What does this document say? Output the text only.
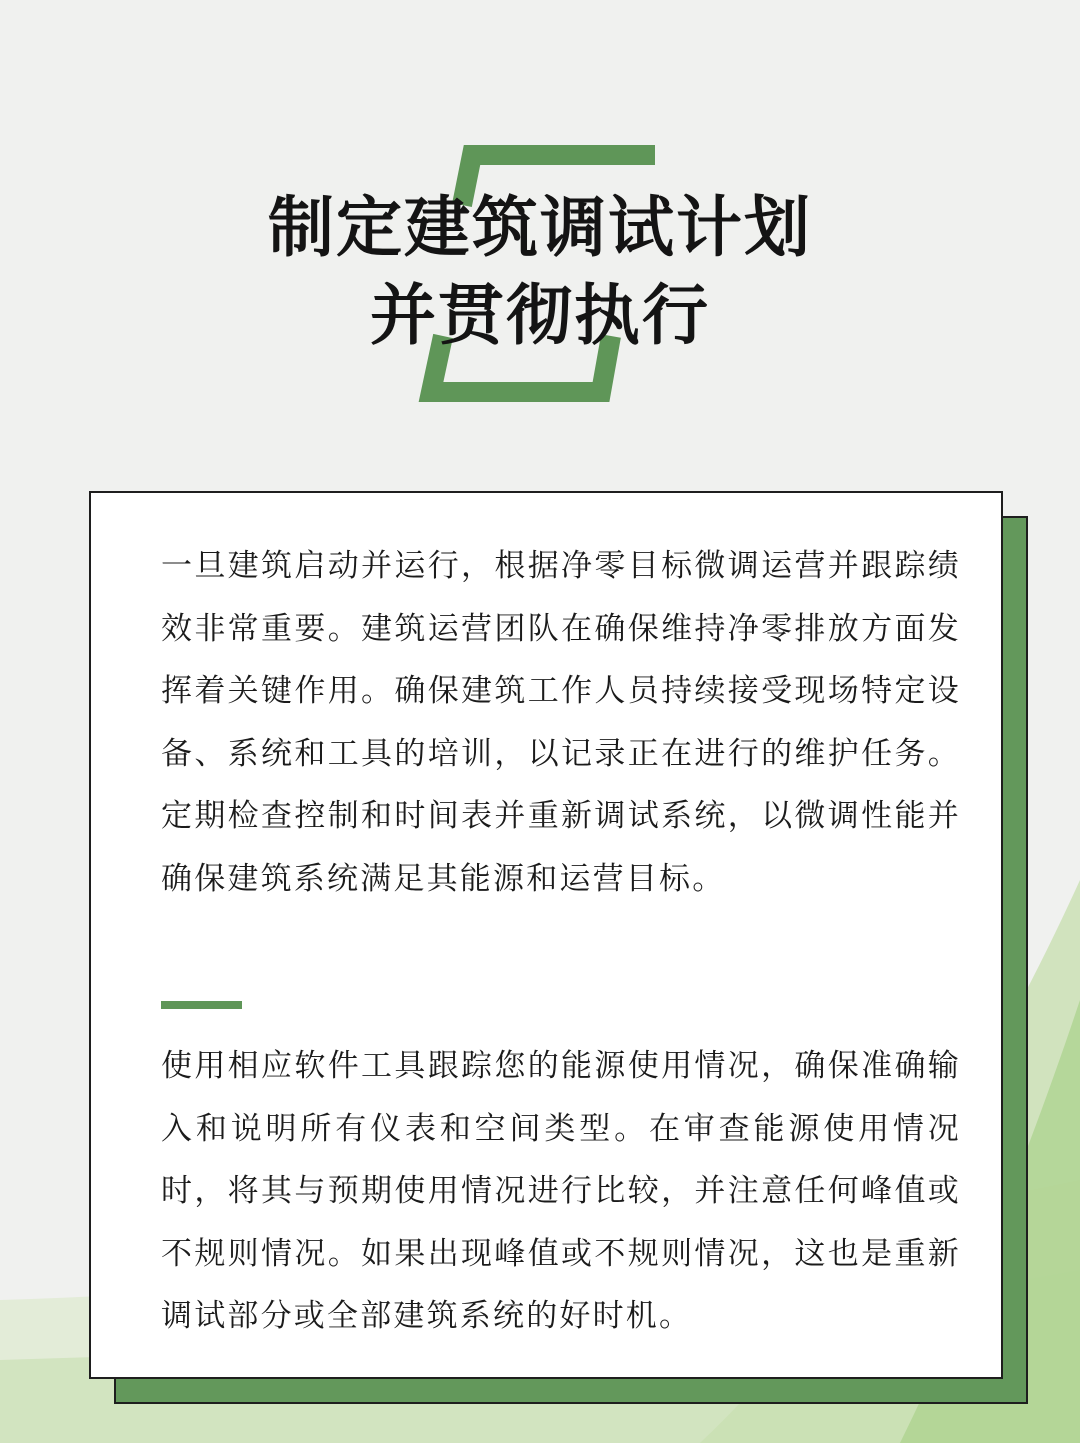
制定建筑调试计划
并贯彻执行

一旦建筑启动并运行，根据净零目标微调运营并跟踪绩效非常重要。建筑运营团队在确保维持净零排放方面发挥着关键作用。确保建筑工作人员持续接受现场特定设备、系统和工具的培训，以记录正在进行的维护任务。定期检查控制和时间表并重新调试系统，以微调性能并确保建筑系统满足其能源和运营目标。

使用相应软件工具跟踪您的能源使用情况，确保准确输入和说明所有仪表和空间类型。在审查能源使用情况时，将其与预期使用情况进行比较，并注意任何峰值或不规则情况。如果出现峰值或不规则情况，这也是重新调试部分或全部建筑系统的好时机。
